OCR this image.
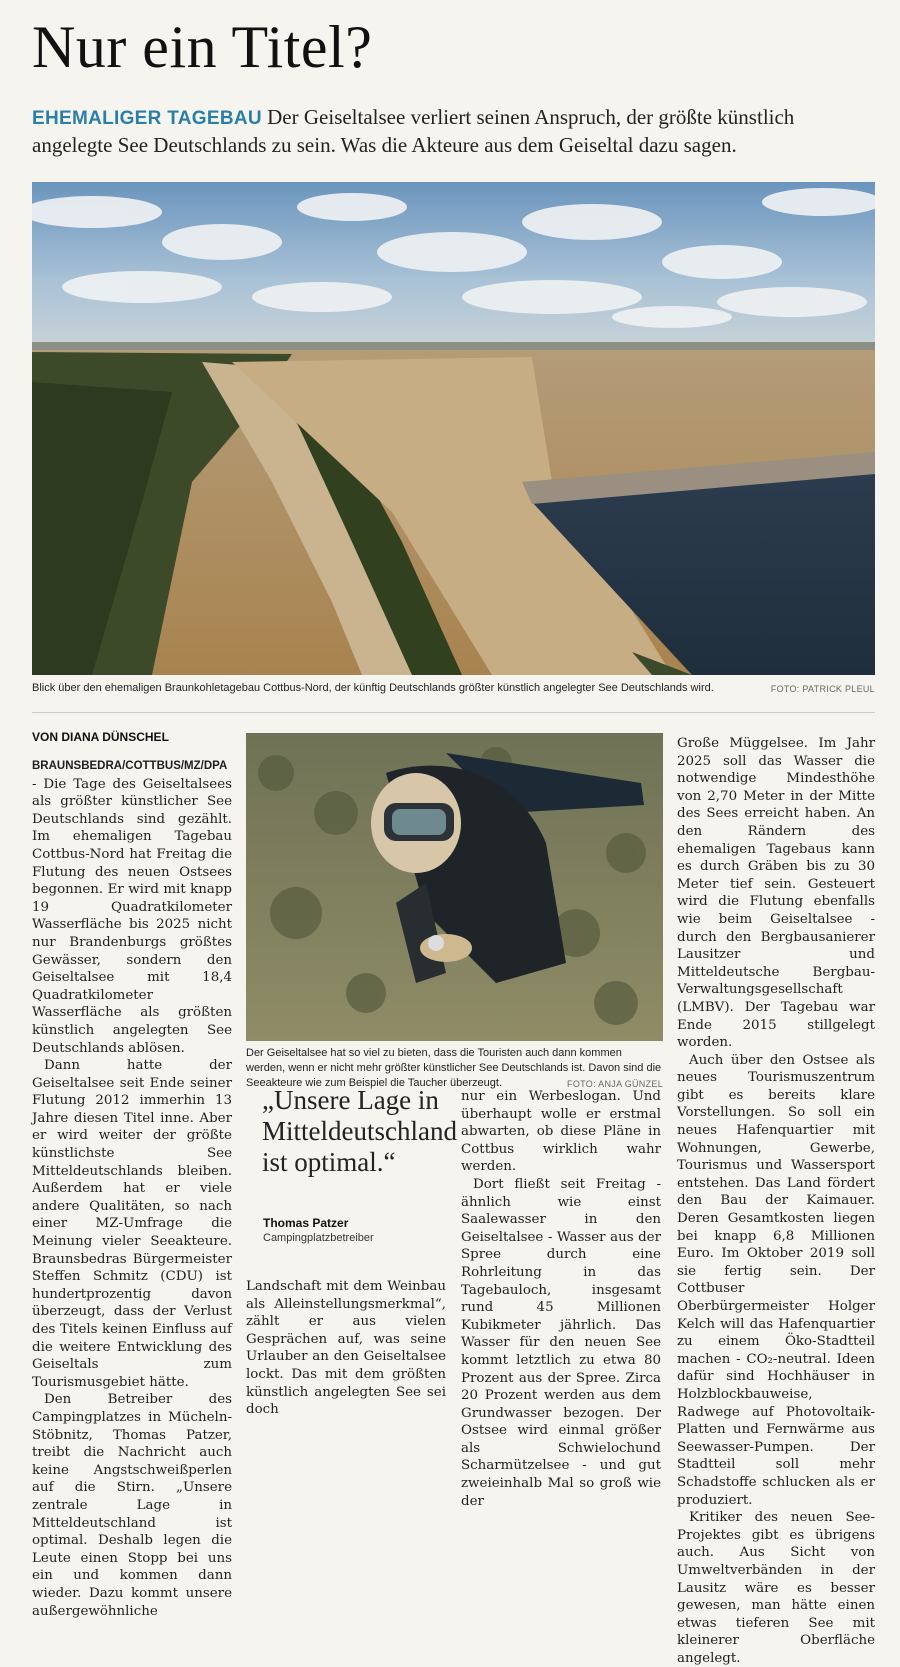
Nur ein Titel?
EHEMALIGER TAGEBAU Der Geiseltalsee verliert seinen Anspruch, der größte künstlich angelegte See Deutschlands zu sein. Was die Akteure aus dem Geiseltal dazu sagen.
Blick über den ehemaligen Braunkohletagebau Cottbus-Nord, der künftig Deutschlands größter künstlich angelegter See Deutschlands wird.	FOTO: PATRICK PLEUL
VON DIANA DÜNSCHEL

BRAUNSBEDRA/COTTBUS/MZ/DPA - Die Tage des Geiseltalsees als größter künstlicher See Deutschlands sind gezählt. Im ehemaligen Tagebau Cottbus-Nord hat Freitag die Flutung des neuen Ostsees begonnen. Er wird mit knapp 19 Quadratkilometer Wasserfläche bis 2025 nicht nur Brandenburgs größtes Gewässer, sondern den Geiseltalsee mit 18,4 Quadratkilometer Wasserfläche als größten künstlich angelegten See Deutschlands ablösen.

Dann hatte der Geiseltalsee seit Ende seiner Flutung 2012 immerhin 13 Jahre diesen Titel inne. Aber er wird weiter der größte künstlichste See Mitteldeutschlands bleiben. Außerdem hat er viele andere Qualitäten, so nach einer MZ-Umfrage die Meinung vieler Seeakteure. Braunsbedras Bürgermeister Steffen Schmitz (CDU) ist hundertprozentig davon überzeugt, dass der Verlust des Titels keinen Einfluss auf die weitere Entwicklung des Geiseltals zum Tourismusgebiet hätte.

Den Betreiber des Campingplatzes in Mücheln-Stöbnitz, Thomas Patzer, treibt die Nachricht auch keine Angstschweißperlen auf die Stirn. „Unsere zentrale Lage in Mitteldeutschland ist optimal. Deshalb legen die Leute einen Stopp bei uns ein und kommen dann wieder. Dazu kommt unsere außergewöhnliche

Der Geiseltalsee hat so viel zu bieten, dass die Touristen auch dann kommen werden, wenn er nicht mehr größter künstlicher See Deutschlands ist. Davon sind die Seeakteure wie zum Beispiel die Taucher überzeugt.	FOTO: ANJA GÜNZEL
„Unsere Lage in Mitteldeutschland ist optimal.“
Thomas Patzer
Campingplatzbetreiber

Landschaft mit dem Weinbau als Alleinstellungsmerkmal“, zählt er aus vielen Gesprächen auf, was seine Urlauber an den Geiseltalsee lockt. Das mit dem größten künstlich angelegten See sei doch

nur ein Werbeslogan. Und überhaupt wolle er erstmal abwarten, ob diese Pläne in Cottbus wirklich wahr werden.

Dort fließt seit Freitag - ähnlich wie einst Saalewasser in den Geiseltalsee - Wasser aus der Spree durch eine Rohrleitung in das Tagebauloch, insgesamt rund 45 Millionen Kubikmeter jährlich. Das Wasser für den neuen See kommt letztlich zu etwa 80 Prozent aus der Spree. Zirca 20 Prozent werden aus dem Grundwasser bezogen. Der Ostsee wird einmal größer als Schwielochund Scharmützelsee - und gut zweieinhalb Mal so groß wie der

Große Müggelsee. Im Jahr 2025 soll das Wasser die notwendige Mindesthöhe von 2,70 Meter in der Mitte des Sees erreicht haben. An den Rändern des ehemaligen Tagebaus kann es durch Gräben bis zu 30 Meter tief sein. Gesteuert wird die Flutung ebenfalls wie beim Geiseltalsee - durch den Bergbausanierer Lausitzer und Mitteldeutsche Bergbau-Verwaltungsgesellschaft (LMBV). Der Tagebau war Ende 2015 stillgelegt worden.

Auch über den Ostsee als neues Tourismuszentrum gibt es bereits klare Vorstellungen. So soll ein neues Hafenquartier mit Wohnungen, Gewerbe, Tourismus und Wassersport entstehen. Das Land fördert den Bau der Kaimauer. Deren Gesamtkosten liegen bei knapp 6,8 Millionen Euro. Im Oktober 2019 soll sie fertig sein. Der Cottbuser Oberbürgermeister Holger Kelch will das Hafenquartier zu einem Öko-Stadtteil machen - CO₂-neutral. Ideen dafür sind Hochhäuser in Holzblockbauweise, Radwege auf Photovoltaik-Platten und Fernwärme aus Seewasser-Pumpen. Der Stadtteil soll mehr Schadstoffe schlucken als er produziert.

Kritiker des neuen See-Projektes gibt es übrigens auch. Aus Sicht von Umweltverbänden in der Lausitz wäre es besser gewesen, man hätte einen etwas tieferen See mit kleinerer Oberfläche angelegt.
